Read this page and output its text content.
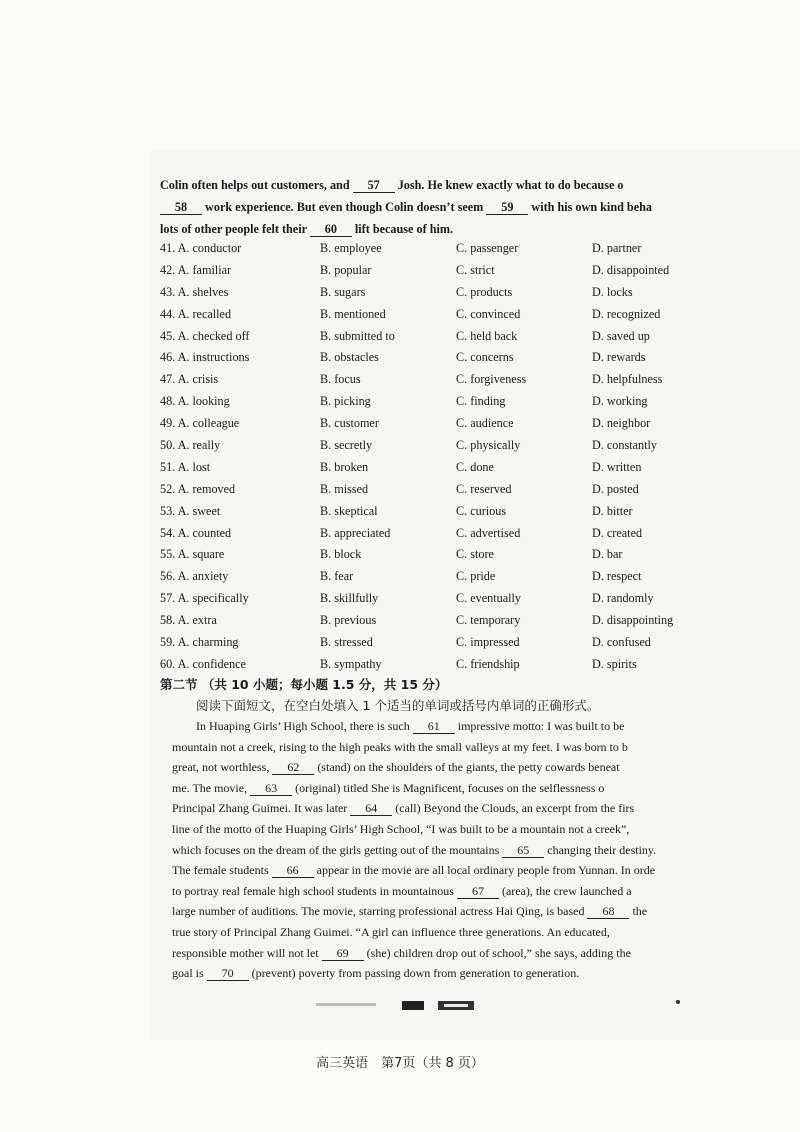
Colin often helps out customers, and 57 Josh. He knew exactly what to do because o
58 work experience. But even though Colin doesn’t seem 59 with his own kind beha
lots of other people felt their 60 lift because of him.
41. A. conductor	B. employee	C. passenger	D. partner
42. A. familiar	B. popular	C. strict	D. disappointed
43. A. shelves	B. sugars	C. products	D. locks
44. A. recalled	B. mentioned	C. convinced	D. recognized
45. A. checked off	B. submitted to	C. held back	D. saved up
46. A. instructions	B. obstacles	C. concerns	D. rewards
47. A. crisis	B. focus	C. forgiveness	D. helpfulness
48. A. looking	B. picking	C. finding	D. working
49. A. colleague	B. customer	C. audience	D. neighbor
50. A. really	B. secretly	C. physically	D. constantly
51. A. lost	B. broken	C. done	D. written
52. A. removed	B. missed	C. reserved	D. posted
53. A. sweet	B. skeptical	C. curious	D. bitter
54. A. counted	B. appreciated	C. advertised	D. created
55. A. square	B. block	C. store	D. bar
56. A. anxiety	B. fear	C. pride	D. respect
57. A. specifically	B. skillfully	C. eventually	D. randomly
58. A. extra	B. previous	C. temporary	D. disappointing
59. A. charming	B. stressed	C. impressed	D. confused
60. A. confidence	B. sympathy	C. friendship	D. spirits
第二节 （共 10 小题；每小题 1.5 分，共 15 分）
阅读下面短文，在空白处填入 1 个适当的单词或括号内单词的正确形式。
In Huaping Girls’ High School, there is such 61 impressive motto: I was built to be
mountain not a creek, rising to the high peaks with the small valleys at my feet. I was born to b
great, not worthless, 62 (stand) on the shoulders of the giants, the petty cowards beneat
me. The movie, 63 (original) titled She is Magnificent, focuses on the selflessness o
Principal Zhang Guimei. It was later 64 (call) Beyond the Clouds, an excerpt from the firs
line of the motto of the Huaping Girls’ High School, “I was built to be a mountain not a creek”,
which focuses on the dream of the girls getting out of the mountains 65 changing their destiny.
The female students 66 appear in the movie are all local ordinary people from Yunnan. In orde
to portray real female high school students in mountainous 67 (area), the crew launched a
large number of auditions. The movie, starring professional actress Hai Qing, is based 68 the
true story of Principal Zhang Guimei. “A girl can influence three generations. An educated,
responsible mother will not let 69 (she) children drop out of school,” she says, adding the
goal is 70 (prevent) poverty from passing down from generation to generation.
高三英语　第7页（共 8 页）
